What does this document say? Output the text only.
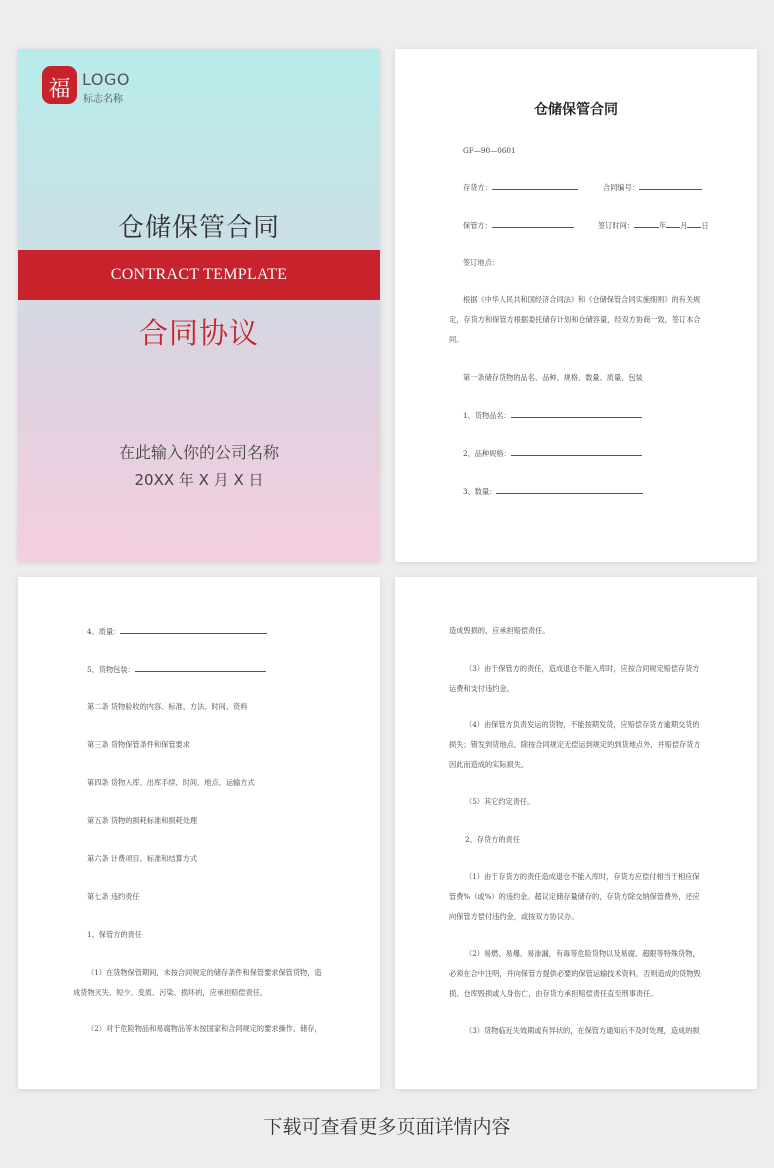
福 LOGO
标志名称
仓储保管合同
CONTRACT TEMPLATE
合同协议
在此输入你的公司名称
20XX 年 X 月 X 日
仓储保管合同
GF—90—0601
存货方：	合同编号：
保管方：	签订时间：	年 月 日
签订地点：
根据《中华人民共和国经济合同法》和《仓储保管合同实施细则》的有关规
定，存货方和保管方根据委托储存计划和仓储容量，经双方协商一致，签订本合
同。
第一条储存货物的品名、品种、规格、数量、质量、包装
1、货物品名：
2、品种规格：
3、数量：
4、质量：
5、货物包装：
第二条 货物验收的内容、标准、方法、时间、资料
第三条 货物保管条件和保管要求
第四条 货物入库、出库手续、时间、地点、运输方式
第五条 货物的损耗标准和损耗处理
第六条 计费项目、标准和结算方式
第七条 违约责任
1、保管方的责任
（1）在货物保管期间，未按合同规定的储存条件和保管要求保管货物，造
成货物灭失、短少、变质、污染、损坏的，应承担赔偿责任。
（2）对于危险物品和易腐物品等未按国家和合同规定的要求操作、储存，
造成毁损的，应承担赔偿责任。
（3）由于保管方的责任，造成退仓不能入库时，应按合同规定赔偿存货方
运费和支付违约金。
（4）由保管方负责发运的货物，不能按期发货，应赔偿存货方逾期交货的
损失；错发到货地点，除按合同规定无偿运到规定的到货地点外，并赔偿存货方
因此而造成的实际损失。
（5）其它约定责任。
2、存货方的责任
（1）由于存货方的责任造成退仓不能入库时，存货方应偿付相当于相应保
管费%（或%）的违约金。超议定储存量储存的，存货方除交纳保管费外，还应
向保管方偿付违约金，或按双方协议办。
（2）易燃、易爆、易渗漏，有毒等危险货物以及易腐、超限等特殊货物，
必须在合中注明，并向保管方提供必要的保管运输技术资料，否则造成的货物毁
损、仓库毁损或人身伤亡，由存货方承担赔偿责任直至刑事责任。
（3）货物临近失效期或有异状的，在保管方通知后不及时处理，造成的损
下载可查看更多页面详情内容
